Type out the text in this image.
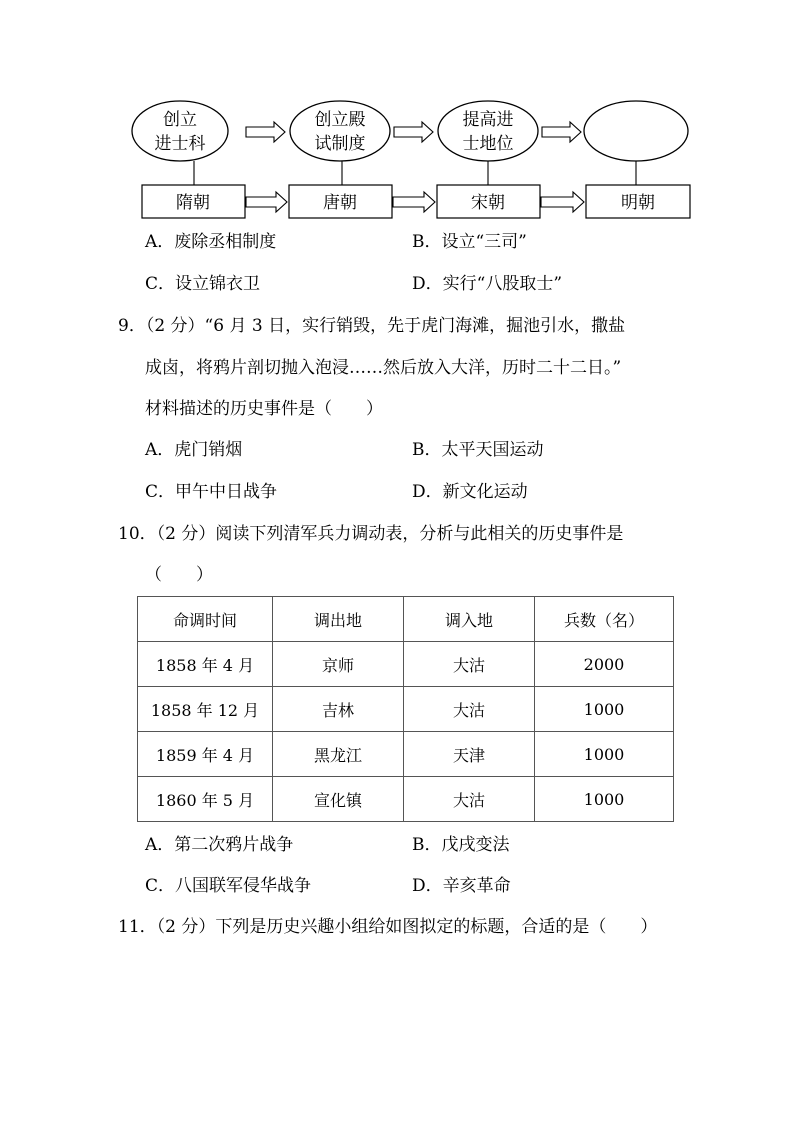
创立
进士科
创立殿
试制度
提高进
士地位
隋朝	唐朝	宋朝	明朝
A．废除丞相制度	B．设立“三司”
C．设立锦衣卫	D．实行“八股取士”
9．（2 分）“6 月 3 日，实行销毁，先于虎门海滩，掘池引水，撒盐
成卤，将鸦片剖切抛入泡浸……然后放入大洋，历时二十二日。”
材料描述的历史事件是（　　）
A．虎门销烟	B．太平天国运动
C．甲午中日战争	D．新文化运动
10．（2 分）阅读下列清军兵力调动表，分析与此相关的历史事件是
（　　）
命调时间	调出地	调入地	兵数（名）
1858 年 4 月	京师	大沽	2000
1858 年 12 月	吉林	大沽	1000
1859 年 4 月	黑龙江	天津	1000
1860 年 5 月	宣化镇	大沽	1000
A．第二次鸦片战争	B．戊戌变法
C．八国联军侵华战争	D．辛亥革命
11．（2 分）下列是历史兴趣小组给如图拟定的标题，合适的是（　　）
